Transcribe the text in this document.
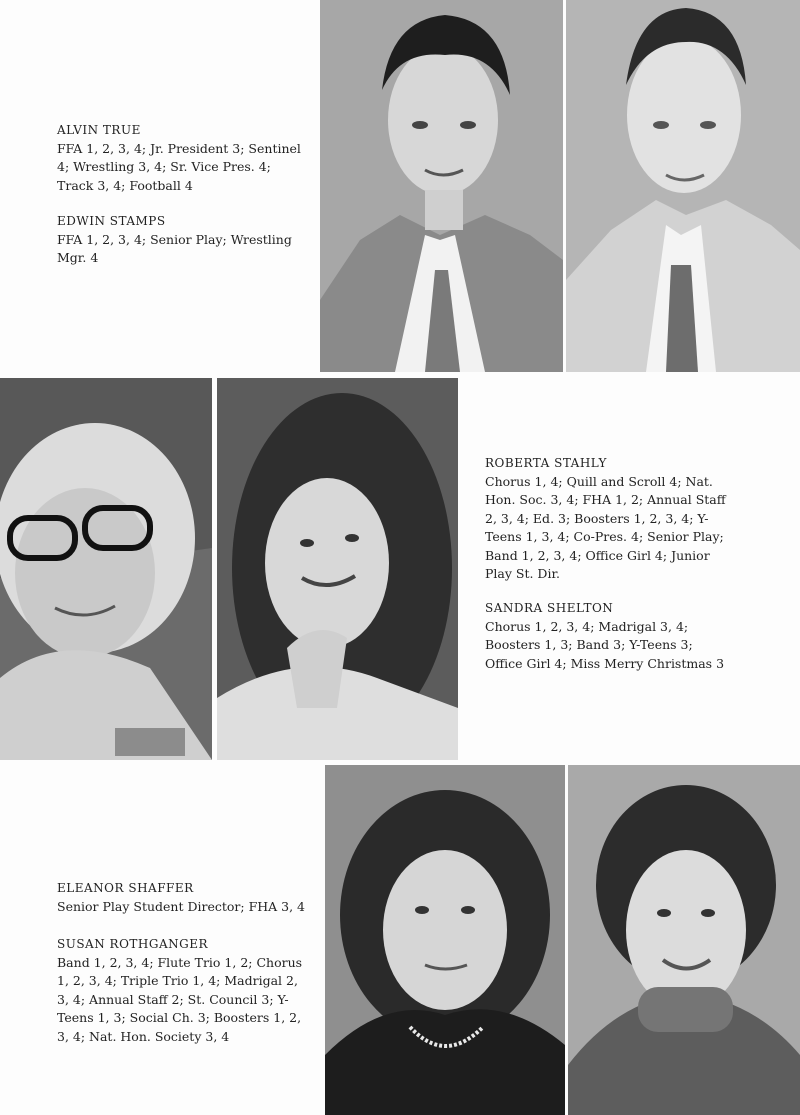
ALVIN TRUE

FFA 1, 2, 3, 4; Jr. President 3; Sentinel 4; Wrestling 3, 4; Sr. Vice Pres. 4; Track 3, 4; Football 4

EDWIN STAMPS

FFA 1, 2, 3, 4; Senior Play; Wrestling Mgr. 4

ROBERTA STAHLY

Chorus 1, 4; Quill and Scroll 4; Nat. Hon. Soc. 3, 4; FHA 1, 2; Annual Staff 2, 3, 4; Ed. 3; Boosters 1, 2, 3, 4; Y-Teens 1, 3, 4; Co-Pres. 4; Senior Play; Band 1, 2, 3, 4; Office Girl 4; Junior Play St. Dir.

SANDRA SHELTON

Chorus 1, 2, 3, 4; Madrigal 3, 4; Boosters 1, 3; Band 3; Y-Teens 3; Office Girl 4; Miss Merry Christmas 3

ELEANOR SHAFFER

Senior Play Student Director; FHA 3, 4

SUSAN ROTHGANGER

Band 1, 2, 3, 4; Flute Trio 1, 2; Chorus 1, 2, 3, 4; Triple Trio 1, 4; Madrigal 2, 3, 4; Annual Staff 2; St. Council 3; Y-Teens 1, 3; Social Ch. 3; Boosters 1, 2, 3, 4; Nat. Hon. Society 3, 4
